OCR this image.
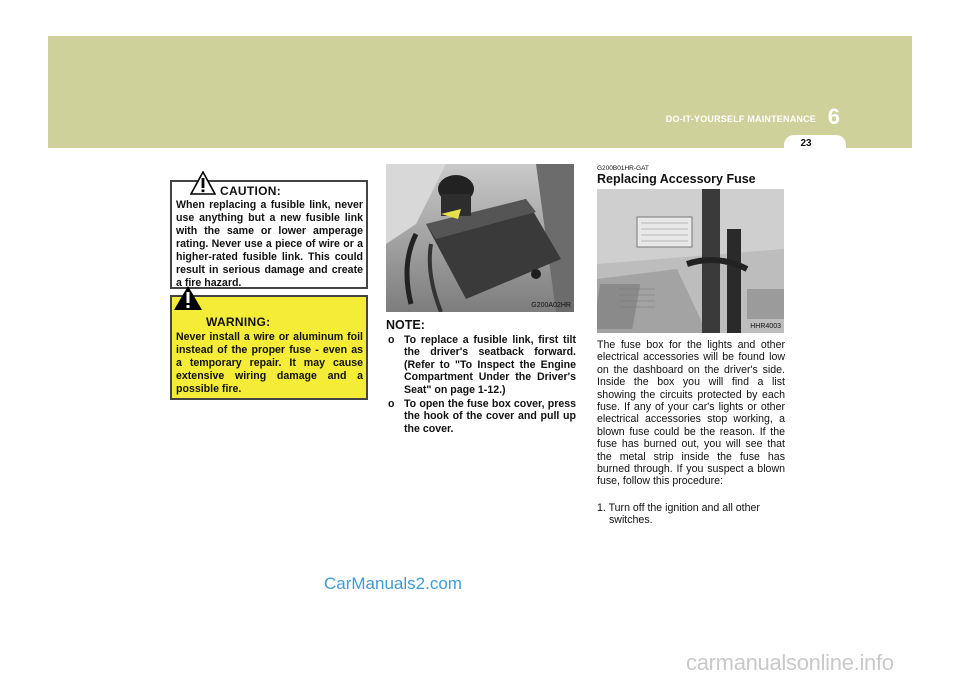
6
DO-IT-YOURSELF MAINTENANCE
23
CAUTION:
When replacing a fusible link, never use anything but a new fusible link with the same or lower amperage rating. Never use a piece of wire or a higher-rated fusible link. This could result in serious damage and create a fire hazard.
WARNING:
Never install a wire or aluminum foil instead of the proper fuse - even as a temporary repair. It may cause extensive wiring damage and a possible fire.
G200A02HR
NOTE:
o To replace a fusible link, first tilt the driver's seatback forward. (Refer to "To Inspect the Engine Compartment Under the Driver's Seat" on page 1-12.)
o To open the fuse box cover, press the hook of the cover and pull up the cover.
G200B01HR-GAT
Replacing Accessory Fuse
HHR4003
The fuse box for the lights and other electrical accessories will be found low on the dashboard on the driver's side. Inside the box you will find a list showing the circuits protected by each fuse. If any of your car's lights or other electrical accessories stop working, a blown fuse could be the reason. If the fuse has burned out, you will see that the metal strip inside the fuse has burned through. If you suspect a blown fuse, follow this procedure:
1. Turn off the ignition and all other switches.
CarManuals2.com
carmanualsonline.info
